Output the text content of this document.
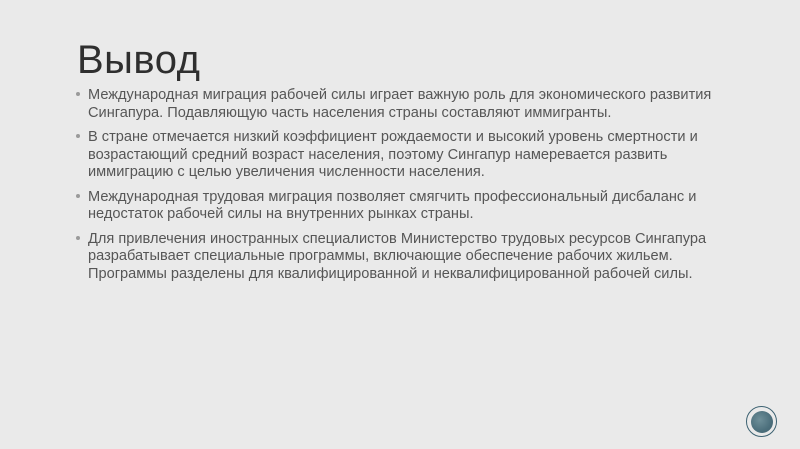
Вывод
Международная миграция рабочей силы играет важную роль для экономического развития Сингапура. Подавляющую часть населения страны составляют иммигранты.
В стране отмечается низкий коэффициент рождаемости и высокий уровень смертности и возрастающий средний возраст населения, поэтому Сингапур намеревается развить иммиграцию с целью увеличения численности населения.
Международная трудовая миграция позволяет смягчить профессиональный дисбаланс и недостаток рабочей силы на внутренних рынках страны.
Для привлечения иностранных специалистов Министерство трудовых ресурсов Сингапура разрабатывает специальные программы, включающие обеспечение рабочих жильем. Программы разделены для квалифицированной и неквалифицированной рабочей силы.
